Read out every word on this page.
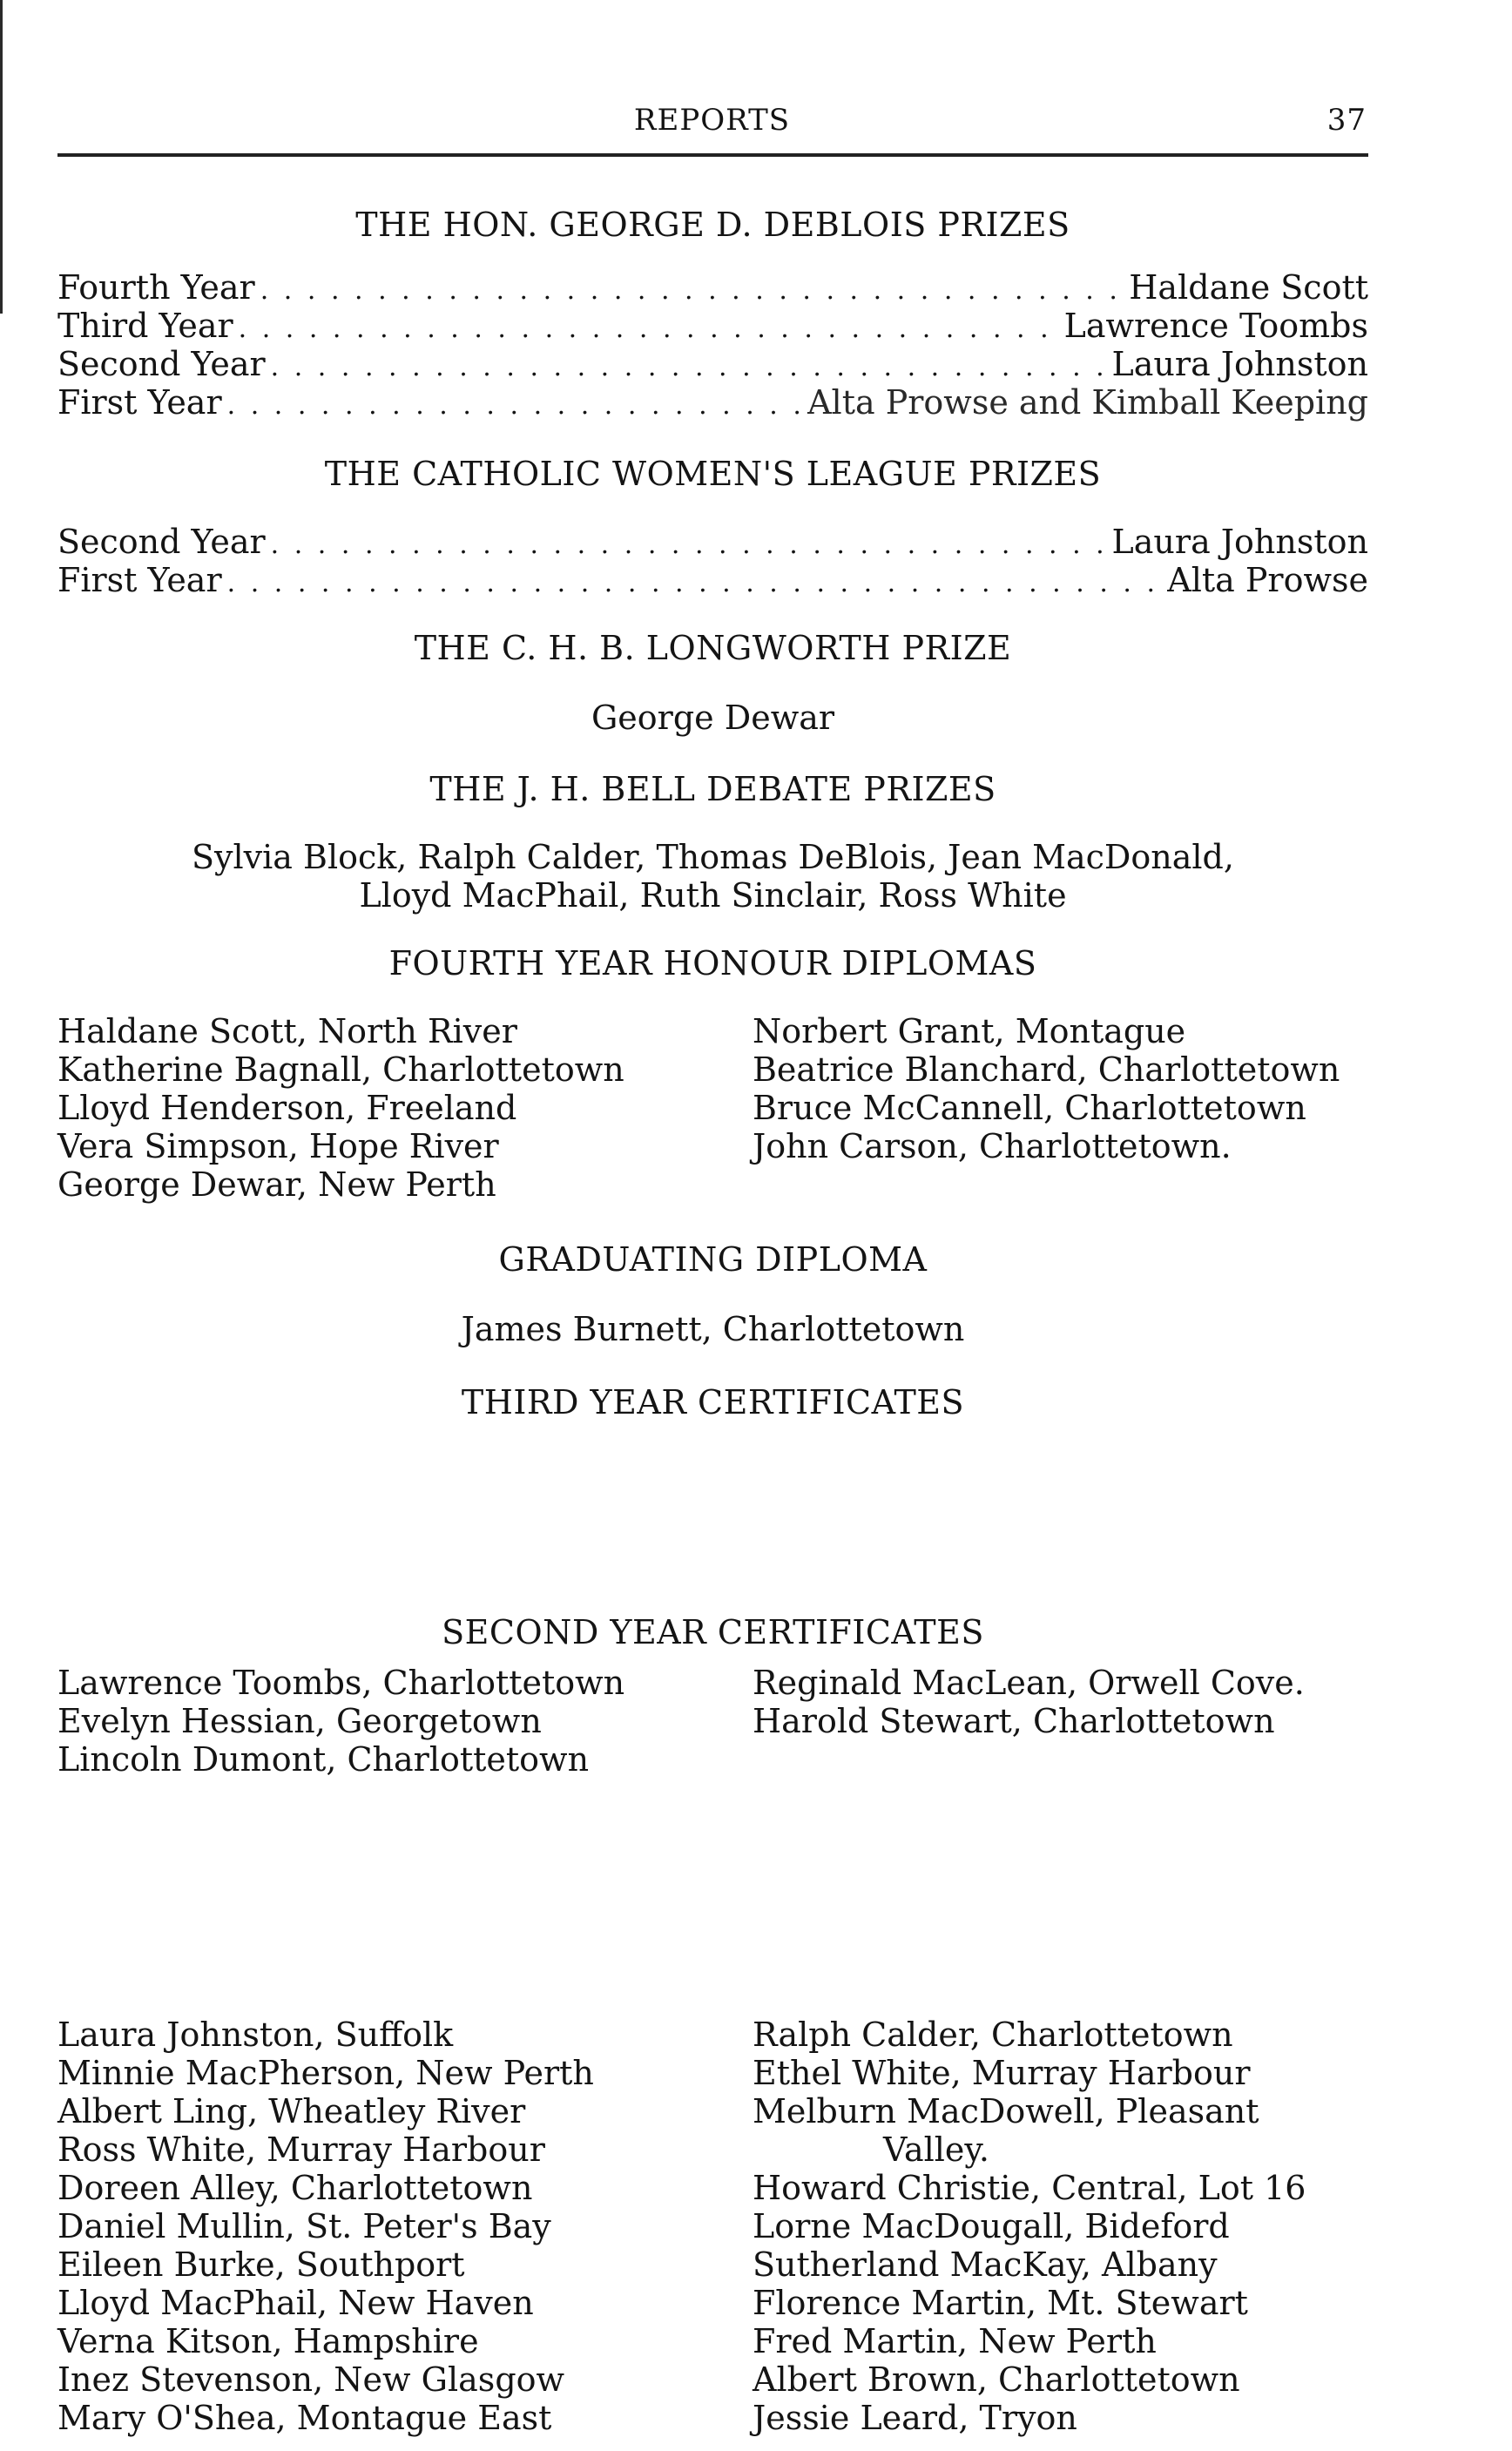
REPORTS	37
THE HON. GEORGE D. DEBLOIS PRIZES
Fourth Year . . .	Haldane Scott
Third Year . . .	Lawrence Toombs
Second Year . . .	Laura Johnston
First Year . . .	Alta Prowse and Kimball Keeping
THE CATHOLIC WOMEN'S LEAGUE PRIZES
Second Year . . .	Laura Johnston
First Year . . .	Alta Prowse
THE C. H. B. LONGWORTH PRIZE
George Dewar
THE J. H. BELL DEBATE PRIZES
Sylvia Block, Ralph Calder, Thomas DeBlois, Jean MacDonald,
Lloyd MacPhail, Ruth Sinclair, Ross White
FOURTH YEAR HONOUR DIPLOMAS
Haldane Scott, North River
Katherine Bagnall, Charlottetown
Lloyd Henderson, Freeland
Vera Simpson, Hope River
George Dewar, New Perth
Norbert Grant, Montague
Beatrice Blanchard, Charlottetown
Bruce McCannell, Charlottetown
John Carson, Charlottetown.
GRADUATING DIPLOMA
James Burnett, Charlottetown
THIRD YEAR CERTIFICATES
Lawrence Toombs, Charlottetown
Evelyn Hessian, Georgetown
Lincoln Dumont, Charlottetown
Reginald MacLean, Orwell Cove.
Harold Stewart, Charlottetown
SECOND YEAR CERTIFICATES
Laura Johnston, Suffolk
Minnie MacPherson, New Perth
Albert Ling, Wheatley River
Ross White, Murray Harbour
Doreen Alley, Charlottetown
Daniel Mullin, St. Peter's Bay
Eileen Burke, Southport
Lloyd MacPhail, New Haven
Verna Kitson, Hampshire
Inez Stevenson, New Glasgow
Mary O'Shea, Montague East
Ralph Calder, Charlottetown
Ethel White, Murray Harbour
Melburn MacDowell, Pleasant
Valley.
Howard Christie, Central, Lot 16
Lorne MacDougall, Bideford
Sutherland MacKay, Albany
Florence Martin, Mt. Stewart
Fred Martin, New Perth
Albert Brown, Charlottetown
Jessie Leard, Tryon
